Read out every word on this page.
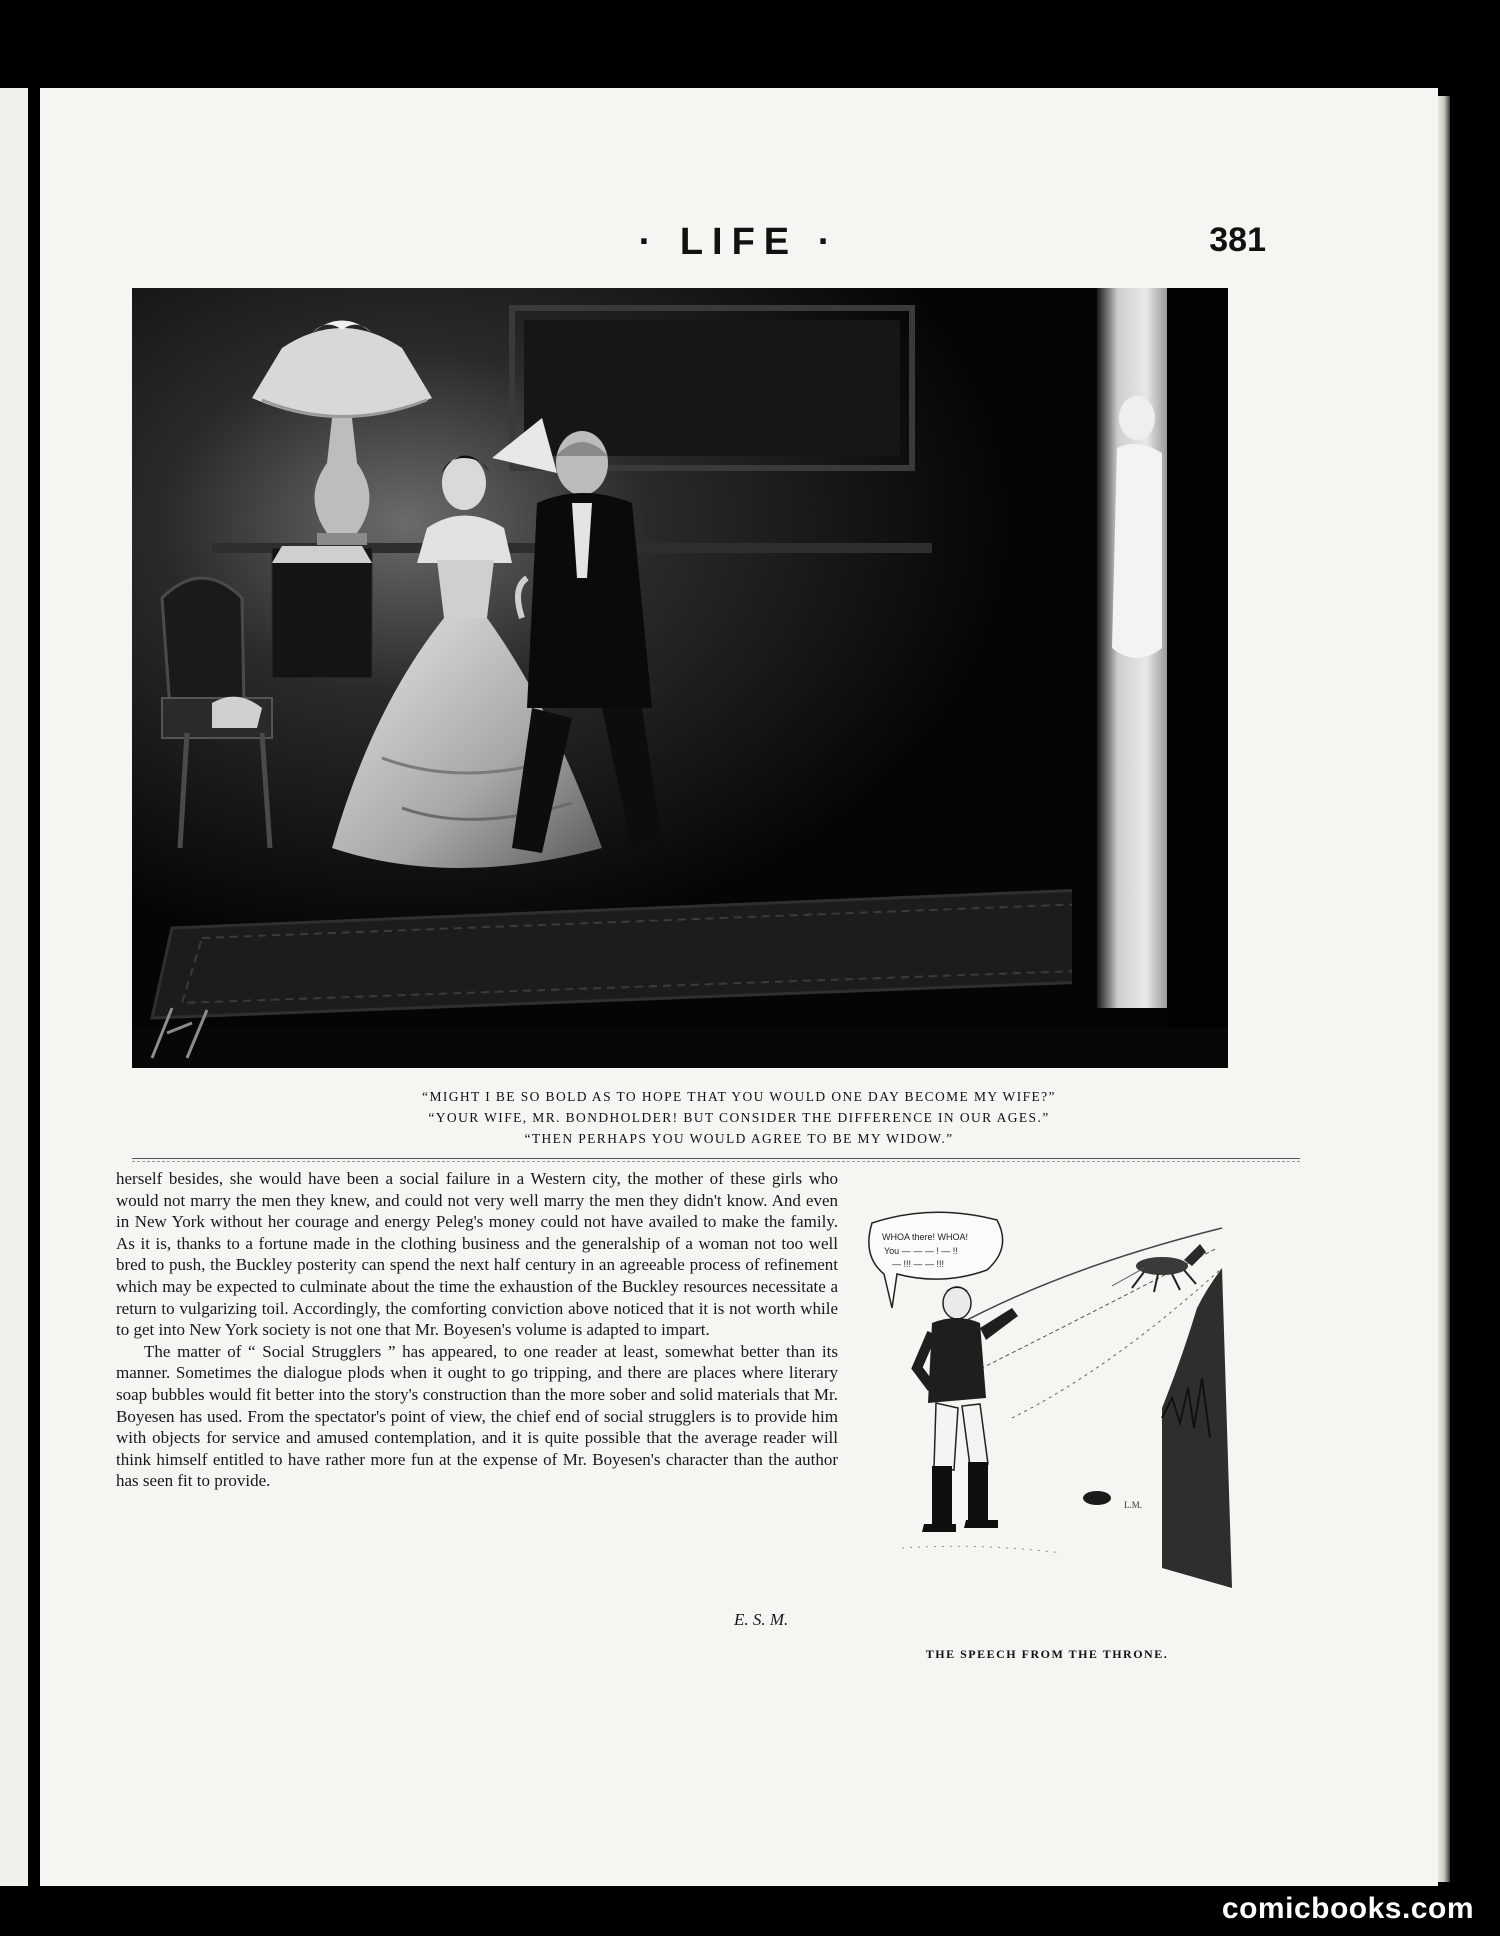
· LIFE ·	381
“MIGHT I BE SO BOLD AS TO HOPE THAT YOU WOULD ONE DAY BECOME MY WIFE?”
“YOUR WIFE, MR. BONDHOLDER! BUT CONSIDER THE DIFFERENCE IN OUR AGES.”
“THEN PERHAPS YOU WOULD AGREE TO BE MY WIDOW.”

herself besides, she would have been a social failure in a Western city, the mother of these girls who would not marry the men they knew, and could not very well marry the men they didn't know. And even in New York without her courage and energy Peleg's money could not have availed to make the family. As it is, thanks to a fortune made in the clothing business and the generalship of a woman not too well bred to push, the Buckley posterity can spend the next half century in an agreeable process of refinement which may be expected to culminate about the time the exhaustion of the Buckley resources necessitate a return to vulgarizing toil. Accordingly, the comforting conviction above noticed that it is not worth while to get into New York society is not one that Mr. Boyesen's volume is adapted to impart.

The matter of “ Social Strugglers ” has appeared, to one reader at least, somewhat better than its manner. Sometimes the dialogue plods when it ought to go tripping, and there are places where literary soap bubbles would fit better into the story's construction than the more sober and solid materials that Mr. Boyesen has used. From the spectator's point of view, the chief end of social strugglers is to provide him with objects for service and amused contemplation, and it is quite possible that the average reader will think himself entitled to have rather more fun at the expense of Mr. Boyesen's character than the author has seen fit to provide.

E. S. M.
WHOA there! WHOA!
You — — — ! — !!
— !!! — — !!!
L.M.
THE SPEECH FROM THE THRONE.
comicbooks.com
